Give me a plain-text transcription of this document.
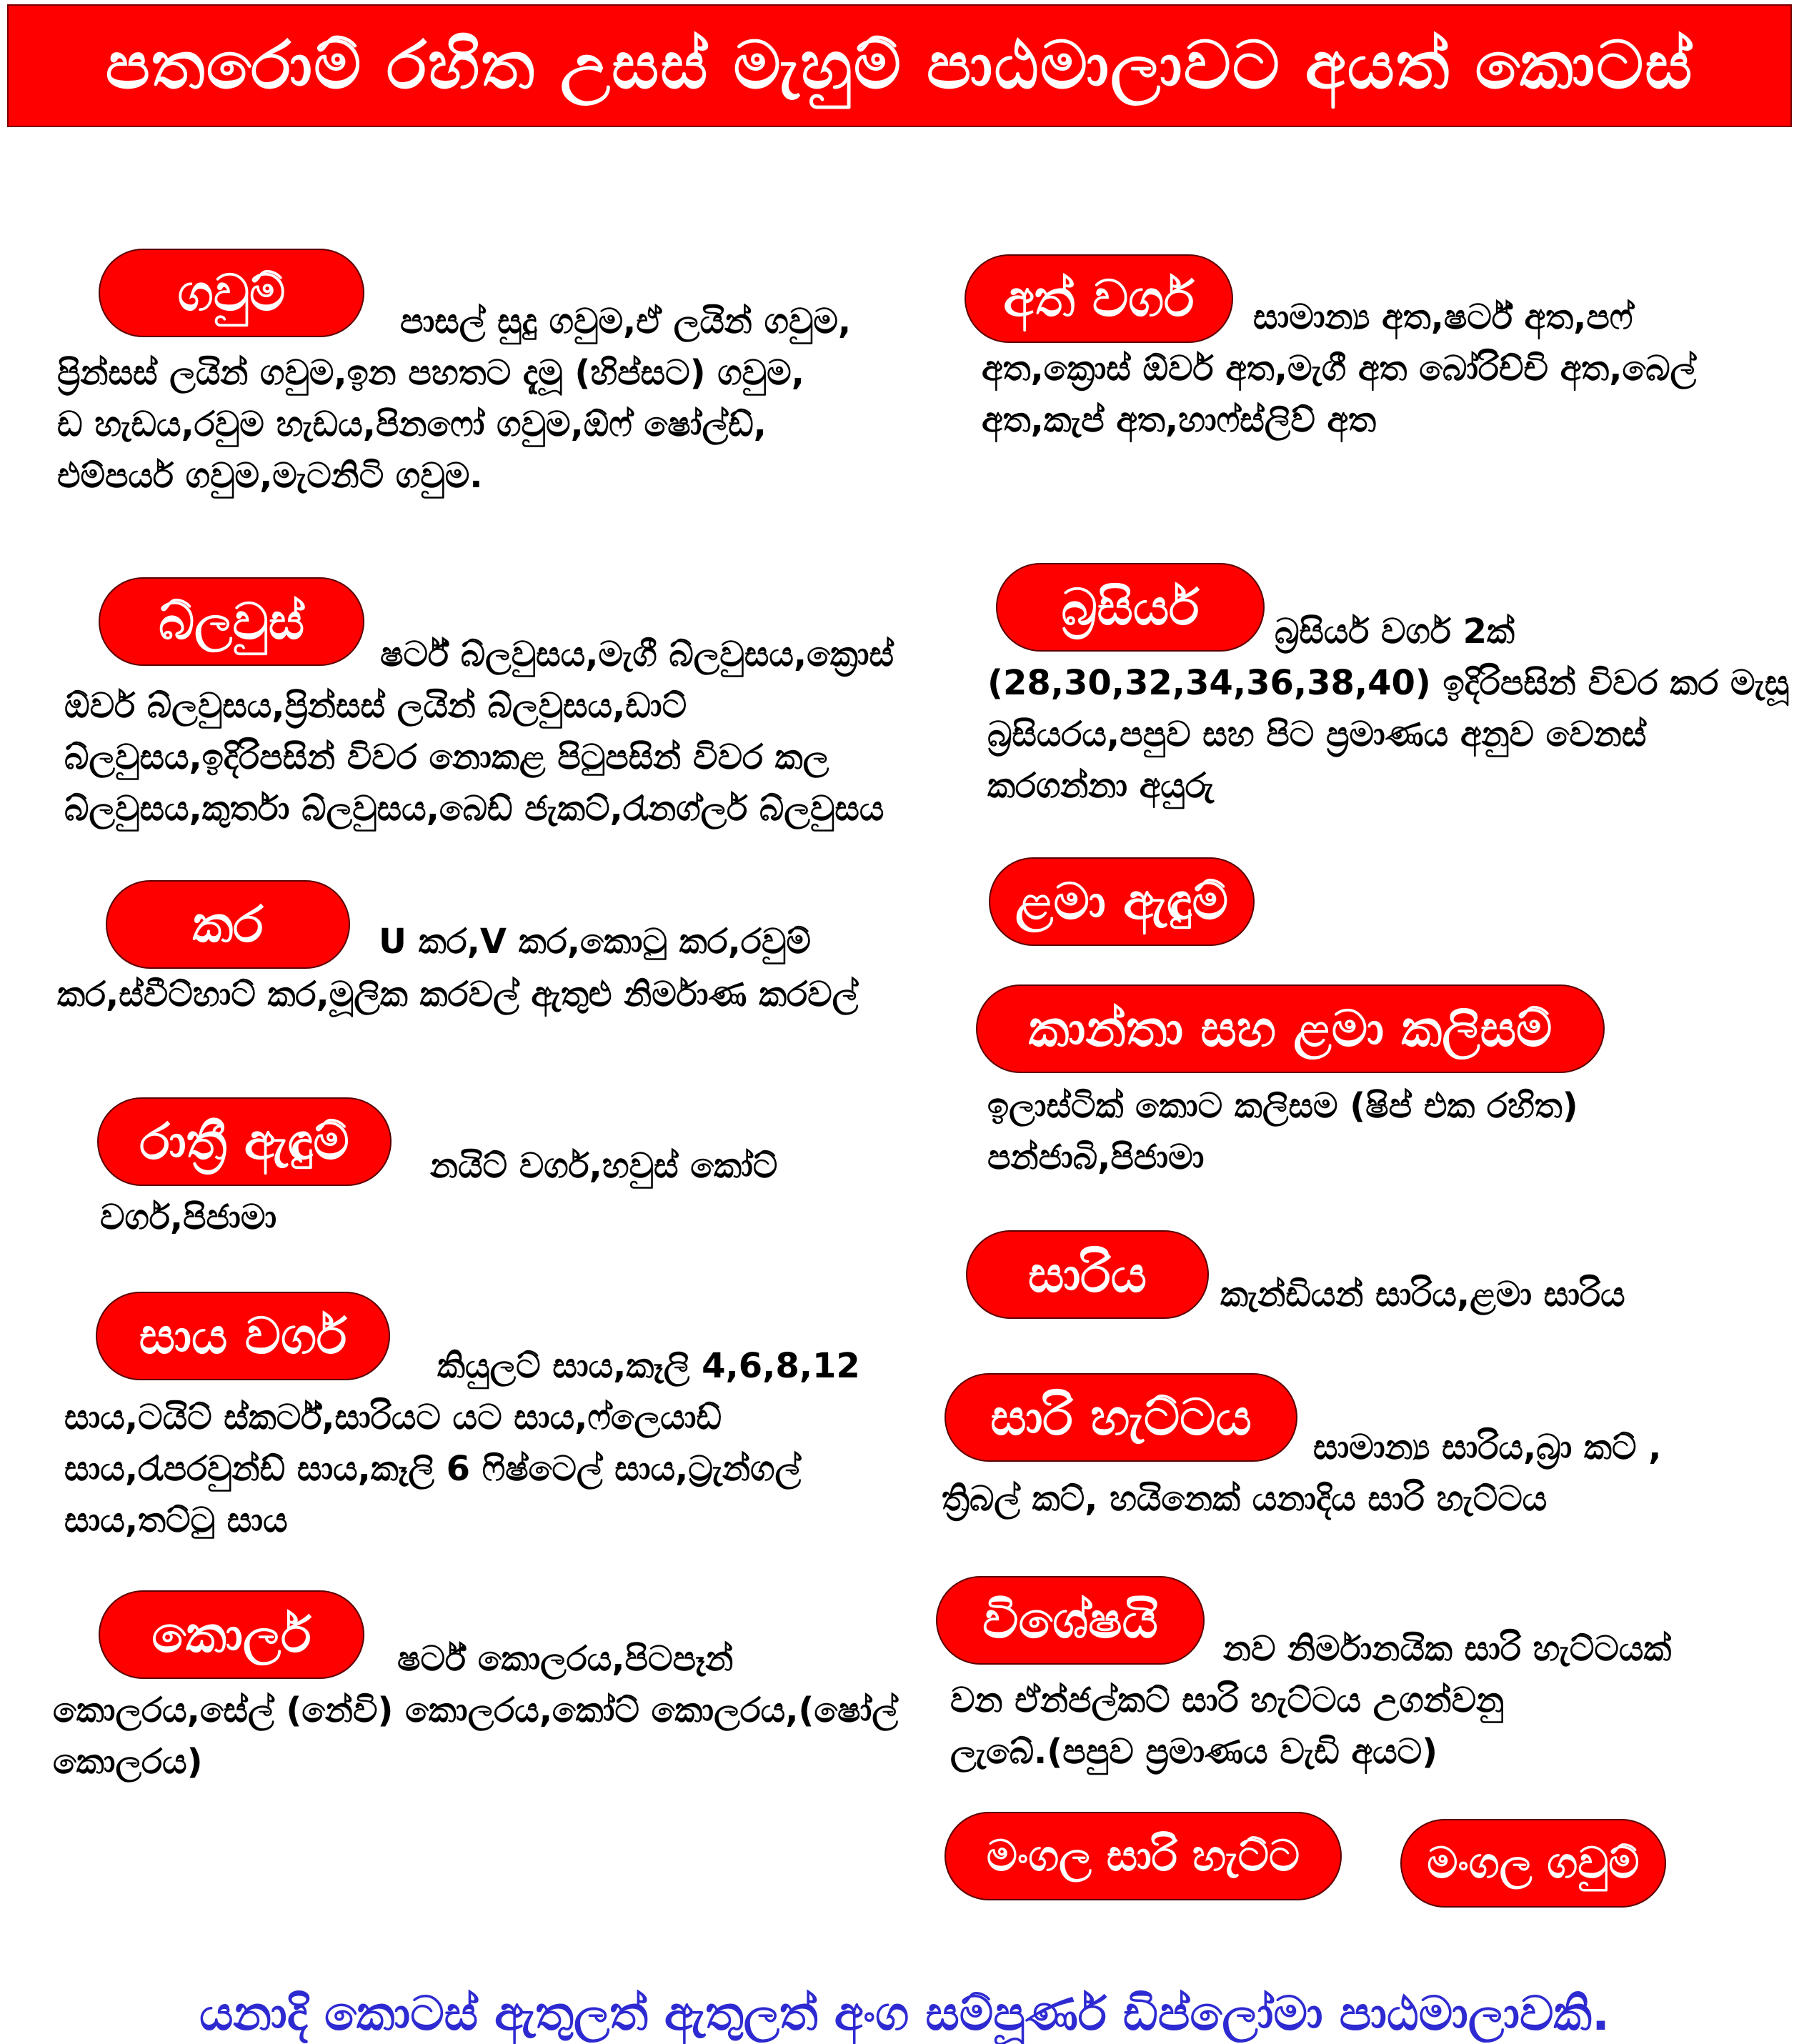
පතරොම් රහිත උසස් මැහුම් පාඨමාලාවට අයත් කොටස්
ගවුම්	පාසල් සුදු ගවුම,ඒ ලයින් ගවුම,
ප්‍රින්සස් ලයින් ගවුම,ඉන පහතට දැමූ (හිප්සට) ගවුම,
ඩ හැඩය,රවුම හැඩය,පිනෆෝ ගවුම,ඕෆ් ෂෝල්ඩ්,
එම්පයර් ගවුම,මැටනිටි ගවුම.
බ්ලවුස්
ෂර්ට් බ්ලවුසය,මැගී බ්ලවුසය,ක්‍රොස්
ඕවර් බ්ලවුසය,ප්‍රින්සස් ලයින් බ්ලවුසය,ඩාට්
බ්ලවුසය,ඉදිරිපසින් විවර නොකළ පිටුපසින් විවර කල
බ්ලවුසය,කුර්තා බ්ලවුසය,බෙඩ් ජැකට්,රැනග්ලර් බ්ලවුසය
කර	U කර,V කර,කොටු කර,රවුම්
කර,ස්වීට්හාට් කර,මූලික කරවල් ඇතුළු නිර්මාණ කරවල්
රාත්‍රී ඇඳුම් නයිට් වර්ග,හවුස් කෝට්
වර්ග,පිජාමා
සාය වර්ග
කියුලට් සාය,කෑලි 4,6,8,12
සාය,ටයිට් ස්කර්ට්,සාරියට යට සාය,ෆ්ලෙයාඩ්
සාය,රැපරවුන්ඩ් සාය,කෑලි 6 ෆිෂ්ටෙල් සාය,ට්‍රැන්ගල්
සාය,තට්ටු සාය
කොලර්	ෂර්ට් කොලරය,පිටපෑන්
කොලරය,සේල් (නේවි) කොලරය,කෝට් කොලරය,(ෂෝල්
කොලරය)
අත් වර්ග සාමාන්‍ය අත,ෂර්ට් අත,පෆ්
අත,ක්‍රොස් ඕවර් අත,මැගී අත බෝරිච්චි අත,බෙල්
අත,කැප් අත,හාෆ්ස්ලිව් අත
බ්‍රසියර් බ්‍රසියර් වර්ග 2ක්
(28,30,32,34,36,38,40) ඉදිරිපසින් විවර කර මැසූ
බ්‍රසියරය,පපුව සහ පිට ප්‍රමාණය අනුව වෙනස්
කරගන්නා අයුරු
ළමා ඇඳුම්
කාන්තා සහ ළමා කලිසම්
ඉලාස්ටික් කොට කලිසම (ෂිප් එක රහිත)
පන්ජාබි,පිජාමා
සාරිය කැන්ඩියන් සාරිය,ළමා සාරිය
සාරි හැට්ටය
සාමාන්‍ය සාරිය,බ්‍රා කට් ,
ත්‍රිබල් කට්, හයිනෙක් යනාදිය සාරි හැට්ටය
විශේෂයි නව නිර්මානයික සාරි හැට්ටයක්
වන ඒන්ජල්කට් සාරි හැට්ටය උගන්වනු
ලැබේ.(පපුව ප්‍රමාණය වැඩි අයට)
මංගල සාරි හැට්ට	මංගල ගවුම්
යනාදි කොටස් ඇතුලත් ඇතුලත් අංග සම්පූර්ණ ඩිප්ලෝමා පාඨමාලාවකි.
